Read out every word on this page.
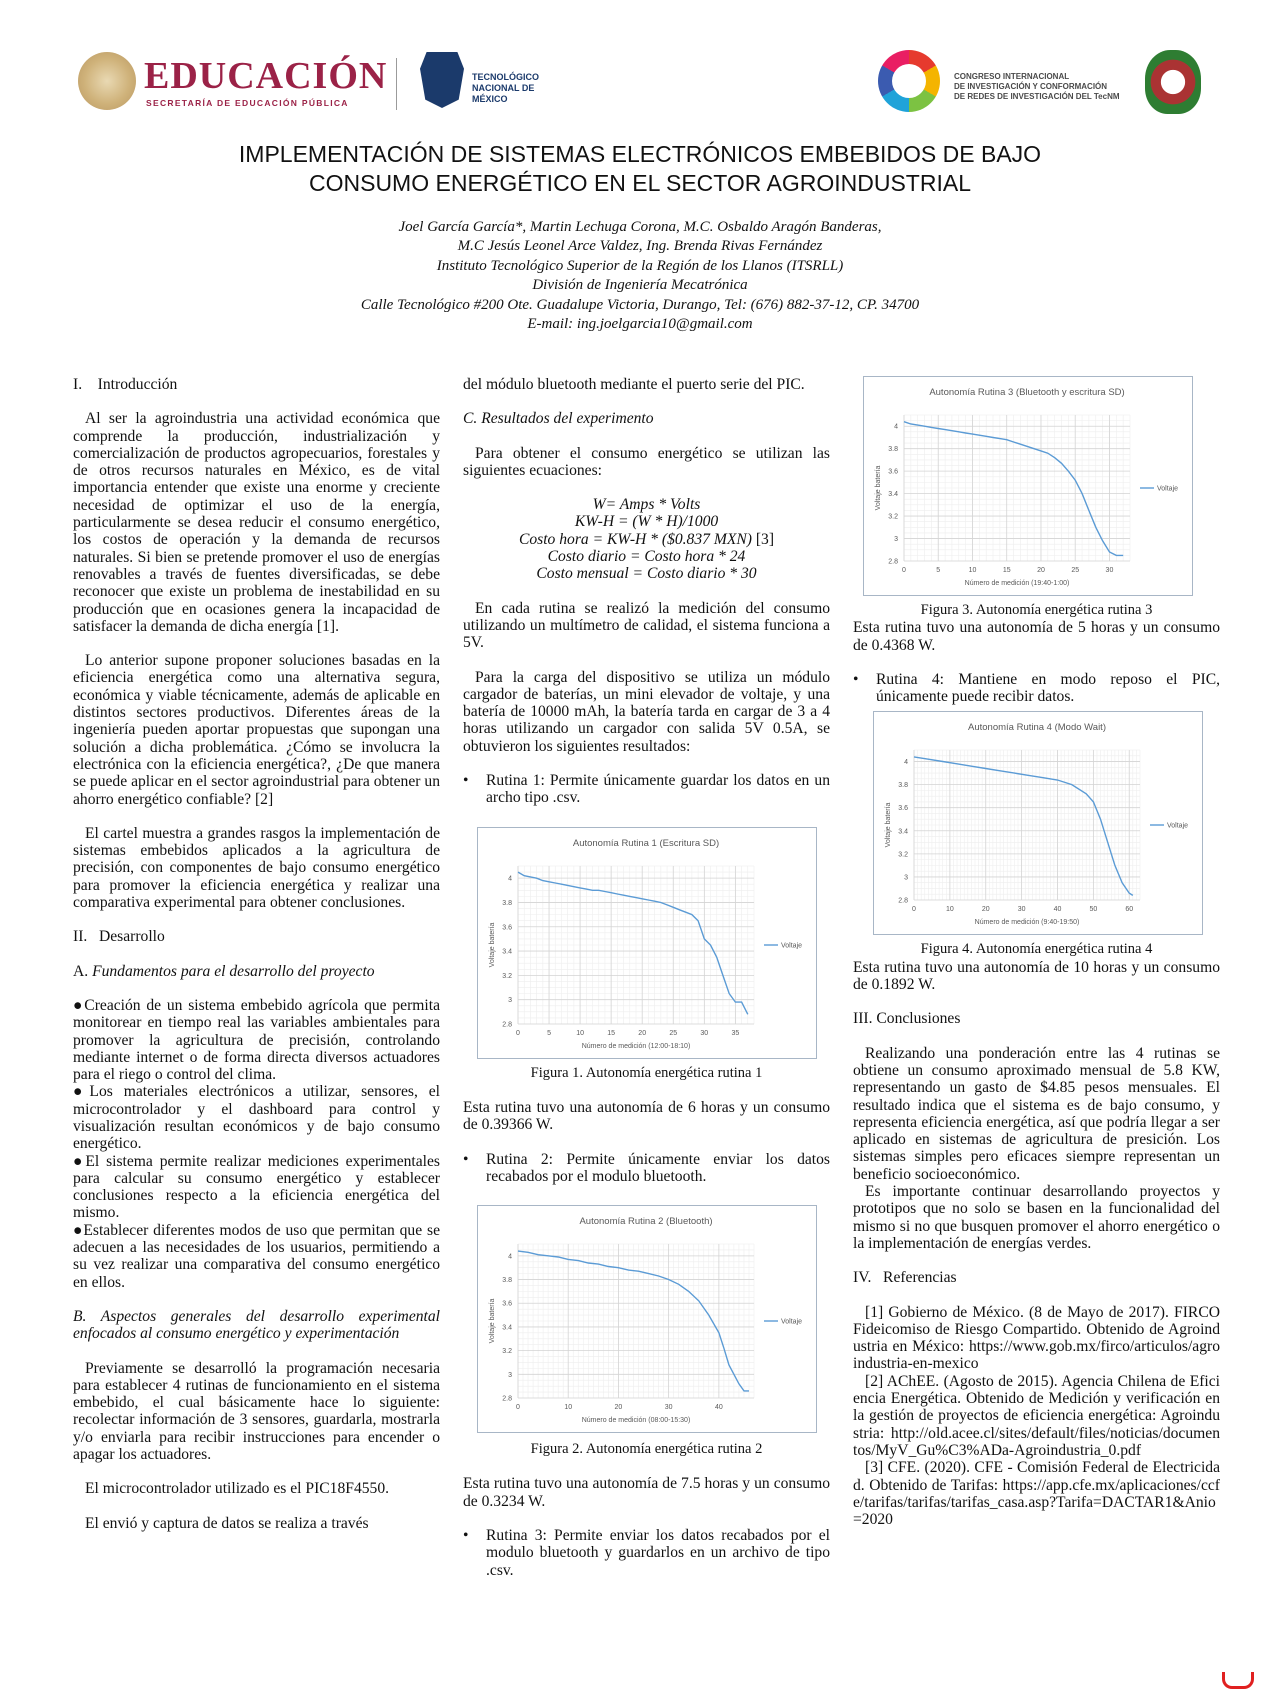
EDUCACIÓN
SECRETARÍA DE EDUCACIÓN PÚBLICA
TECNOLÓGICO
NACIONAL DE MÉXICO
CONGRESO INTERNACIONAL
DE INVESTIGACIÓN Y CONFORMACIÓN
DE REDES DE INVESTIGACIÓN DEL TecNM
IMPLEMENTACIÓN DE SISTEMAS ELECTRÓNICOS EMBEBIDOS DE BAJO
CONSUMO ENERGÉTICO EN EL SECTOR AGROINDUSTRIAL
Joel García García*, Martin Lechuga Corona, M.C. Osbaldo Aragón Banderas,
M.C Jesús Leonel Arce Valdez, Ing. Brenda Rivas Fernández
Instituto Tecnológico Superior de la Región de los Llanos (ITSRLL)
División de Ingeniería Mecatrónica
Calle Tecnológico #200 Ote. Guadalupe Victoria, Durango, Tel: (676) 882-37-12, CP. 34700
E-mail: ing.joelgarcia10@gmail.com

I.    Introducción

Al ser la agroindustria una actividad económica que comprende la producción, industrialización y comercialización de productos agropecuarios, forestales y de otros recursos naturales en México, es de vital importancia entender que existe una enorme y creciente necesidad de optimizar el uso de la energía, particularmente se desea reducir el consumo energético, los costos de operación y la demanda de recursos naturales. Si bien se pretende promover el uso de energías renovables a través de fuentes diversificadas, se debe reconocer que existe un problema de inestabilidad en su producción que en ocasiones genera la incapacidad de satisfacer la demanda de dicha energía [1].

Lo anterior supone proponer soluciones basadas en la eficiencia energética como una alternativa segura, económica y viable técnicamente, además de aplicable en distintos sectores productivos. Diferentes áreas de la ingeniería pueden aportar propuestas que supongan una solución a dicha problemática. ¿Cómo se involucra la electrónica con la eficiencia energética?, ¿De que manera se puede aplicar en el sector agroindustrial para obtener un ahorro energético confiable? [2]

El cartel muestra a grandes rasgos la implementación de sistemas embebidos aplicados a la agricultura de precisión, con componentes de bajo consumo energético para promover la eficiencia energética y realizar una comparativa experimental para obtener conclusiones.

II.   Desarrollo

A. Fundamentos para el desarrollo del proyecto

●Creación de un sistema embebido agrícola que permita monitorear en tiempo real las variables ambientales para promover la agricultura de precisión, controlando mediante internet o de forma directa diversos actuadores para el riego o control del clima.

●Los materiales electrónicos a utilizar, sensores, el microcontrolador y el dashboard para control y visualización resultan económicos y de bajo consumo energético.

●El sistema permite realizar mediciones experimentales para calcular su consumo energético y establecer conclusiones respecto a la eficiencia energética del mismo.

●Establecer diferentes modos de uso que permitan que se adecuen a las necesidades de los usuarios, permitiendo a su vez realizar una comparativa del consumo energético en ellos.

B. Aspectos generales del desarrollo experimental enfocados al consumo energético y experimentación

Previamente se desarrolló la programación necesaria para establecer 4 rutinas de funcionamiento en el sistema embebido, el cual básicamente hace lo siguiente: recolectar información de 3 sensores, guardarla, mostrarla y/o enviarla para recibir instrucciones para encender o apagar los actuadores.

El microcontrolador utilizado es el PIC18F4550.

El envió y captura de datos se realiza a través

del módulo bluetooth mediante el puerto serie del PIC.

C. Resultados del experimento

Para obtener el consumo energético se utilizan las siguientes ecuaciones:

W= Amps * Volts

KW-H = (W * H)/1000

Costo hora = KW-H * ($0.837 MXN) [3]

Costo diario = Costo hora * 24

Costo mensual = Costo diario * 30

En cada rutina se realizó la medición del consumo utilizando un multímetro de calidad, el sistema funciona a 5V.

Para la carga del dispositivo se utiliza un módulo cargador de baterías, un mini elevador de voltaje, y una batería de 10000 mAh, la batería tarda en cargar de 3 a 4 horas utilizando un cargador con salida 5V 0.5A, se obtuvieron los siguientes resultados:

•	Rutina 1: Permite únicamente guardar los datos en un archo tipo .csv.

0	5	10	15	20	25	30	35
2.8
3
3.2
3.4
3.6
3.8
4
Autonomía Rutina 1 (Escritura SD)
Número de medición (12:00-18:10)
Voltaje batería	Voltaje

Figura 1. Autonomía energética rutina 1

Esta rutina tuvo una autonomía de 6 horas y un consumo de 0.39366 W.

•	Rutina 2: Permite únicamente enviar los datos recabados por el modulo bluetooth.

0	10	20	30	40
2.8
3
3.2
3.4
3.6
3.8
4
Autonomía Rutina 2 (Bluetooth)
Número de medición (08:00-15:30)
Voltaje batería	Voltaje

Figura 2. Autonomía energética rutina 2

Esta rutina tuvo una autonomía de 7.5 horas y un consumo de 0.3234 W.

•	Rutina 3: Permite enviar los datos recabados por el modulo bluetooth y guardarlos en un archivo de tipo .csv.
0	5	10	15	20	25	30
2.8
3
3.2
3.4
3.6
3.8
4
Autonomía Rutina 3 (Bluetooth y escritura SD)
Número de medición (19:40-1:00)
Voltaje batería	Voltaje

Figura 3. Autonomía energética rutina 3

Esta rutina tuvo una autonomía de 5 horas y un consumo de 0.4368 W.

•	Rutina 4: Mantiene en modo reposo el PIC, únicamente puede recibir datos.

0	10	20	30	40	50	60
2.8
3
3.2
3.4
3.6
3.8
4
Autonomía Rutina 4 (Modo Wait)
Número de medición (9:40-19:50)
Voltaje batería	Voltaje

Figura 4. Autonomía energética rutina 4

Esta rutina tuvo una autonomía de 10 horas y un consumo de 0.1892 W.

III. Conclusiones

Realizando una ponderación entre las 4 rutinas se obtiene un consumo aproximado mensual de 5.8 KW, representando un gasto de $4.85 pesos mensuales. El resultado indica que el sistema es de bajo consumo, y representa eficiencia energética, así que podría llegar a ser aplicado en sistemas de agricultura de presición. Los sistemas simples pero eficaces siempre representan un beneficio socioeconómico.

Es importante continuar desarrollando proyectos y prototipos que no solo se basen en la funcionalidad del mismo si no que busquen promover el ahorro energético o la implementación de energías verdes.

IV.   Referencias

[1] Gobierno de México. (8 de Mayo de 2017). FIRCO Fideicomiso de Riesgo Compartido. Obtenido de Agroindustria en México: https://www.gob.mx/firco/articulos/agroindustria-en-mexico

[2] AChEE. (Agosto de 2015). Agencia Chilena de Eficiencia Energética. Obtenido de Medición y verificación en la gestión de proyectos de eficiencia energética: Agroindustria: http://old.acee.cl/sites/default/files/noticias/documentos/MyV_Gu%C3%ADa-Agroindustria_0.pdf

[3] CFE. (2020). CFE - Comisión Federal de Electricidad. Obtenido de Tarifas: https://app.cfe.mx/aplicaciones/ccfe/tarifas/tarifas/tarifas_casa.asp?Tarifa=DACTAR1&Anio=2020
